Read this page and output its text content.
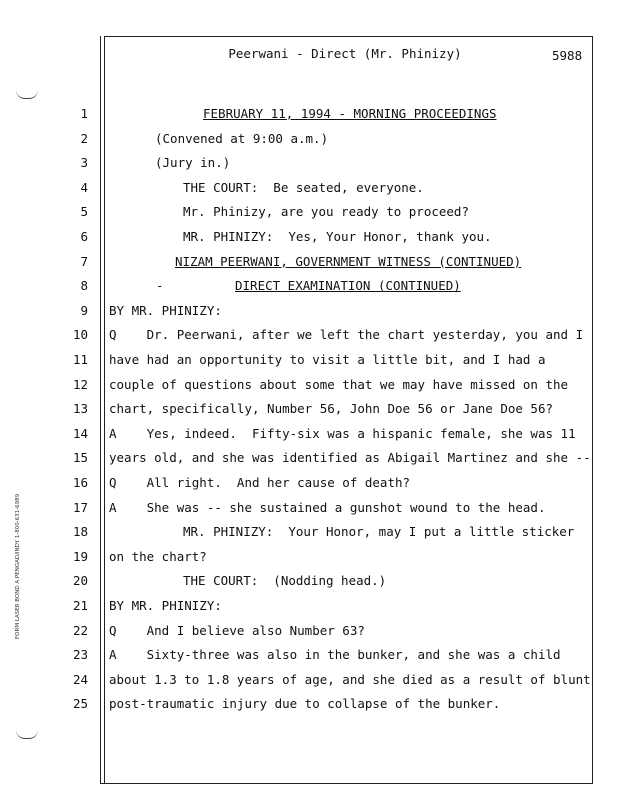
FORM LASER BOND A PENGAD/INDY 1-800-631-6989
Peerwani - Direct (Mr. Phinizy)	5988
1	FEBRUARY 11, 1994 - MORNING PROCEEDINGS
2	(Convened at 9:00 a.m.)
3	(Jury in.)
4	THE COURT:  Be seated, everyone.
5	Mr. Phinizy, are you ready to proceed?
6	MR. PHINIZY:  Yes, Your Honor, thank you.
7	NIZAM PEERWANI, GOVERNMENT WITNESS (CONTINUED)
8	DIRECT EXAMINATION (CONTINUED)
9 BY MR. PHINIZY:
10 Q    Dr. Peerwani, after we left the chart yesterday, you and I
11 have had an opportunity to visit a little bit, and I had a
12 couple of questions about some that we may have missed on the
13 chart, specifically, Number 56, John Doe 56 or Jane Doe 56?
14 A    Yes, indeed.  Fifty-six was a hispanic female, she was 11
15 years old, and she was identified as Abigail Martinez and she --
16 Q    All right.  And her cause of death?
17 A    She was -- she sustained a gunshot wound to the head.
18	MR. PHINIZY:  Your Honor, may I put a little sticker
19 on the chart?
20	THE COURT:  (Nodding head.)
21 BY MR. PHINIZY:
22 Q    And I believe also Number 63?
23 A    Sixty-three was also in the bunker, and she was a child
24 about 1.3 to 1.8 years of age, and she died as a result of blunt
25 post-traumatic injury due to collapse of the bunker.
-
